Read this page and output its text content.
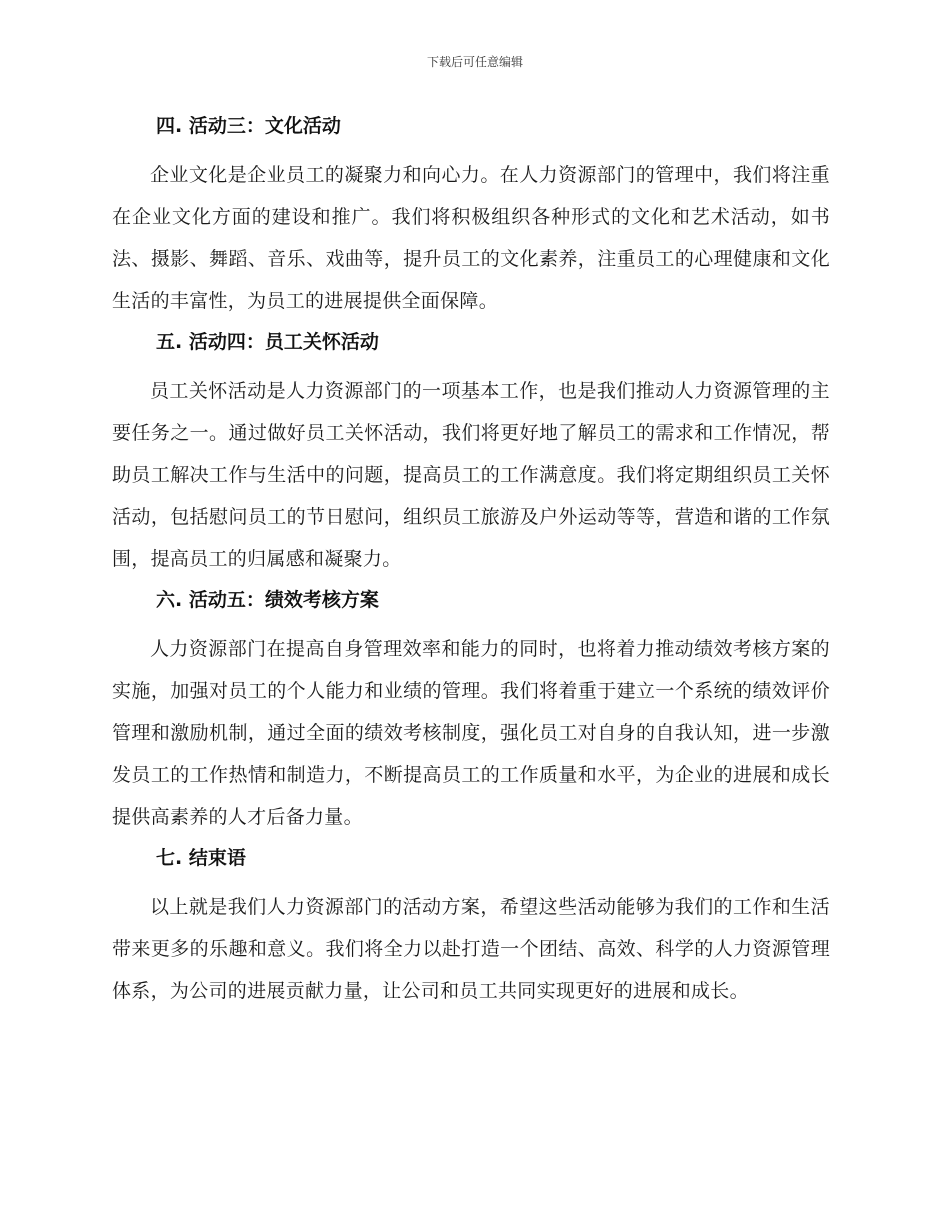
下载后可任意编辑
四. 活动三：文化活动

企业文化是企业员工的凝聚力和向心力。在人力资源部门的管理中，我们将注重在企业文化方面的建设和推广。我们将积极组织各种形式的文化和艺术活动，如书法、摄影、舞蹈、音乐、戏曲等，提升员工的文化素养，注重员工的心理健康和文化生活的丰富性，为员工的进展提供全面保障。

五. 活动四：员工关怀活动

员工关怀活动是人力资源部门的一项基本工作，也是我们推动人力资源管理的主要任务之一。通过做好员工关怀活动，我们将更好地了解员工的需求和工作情况，帮助员工解决工作与生活中的问题，提高员工的工作满意度。我们将定期组织员工关怀活动，包括慰问员工的节日慰问，组织员工旅游及户外运动等等，营造和谐的工作氛围，提高员工的归属感和凝聚力。

六. 活动五：绩效考核方案

人力资源部门在提高自身管理效率和能力的同时，也将着力推动绩效考核方案的实施，加强对员工的个人能力和业绩的管理。我们将着重于建立一个系统的绩效评价管理和激励机制，通过全面的绩效考核制度，强化员工对自身的自我认知，进一步激发员工的工作热情和制造力，不断提高员工的工作质量和水平，为企业的进展和成长提供高素养的人才后备力量。

七. 结束语

以上就是我们人力资源部门的活动方案，希望这些活动能够为我们的工作和生活带来更多的乐趣和意义。我们将全力以赴打造一个团结、高效、科学的人力资源管理体系，为公司的进展贡献力量，让公司和员工共同实现更好的进展和成长。
